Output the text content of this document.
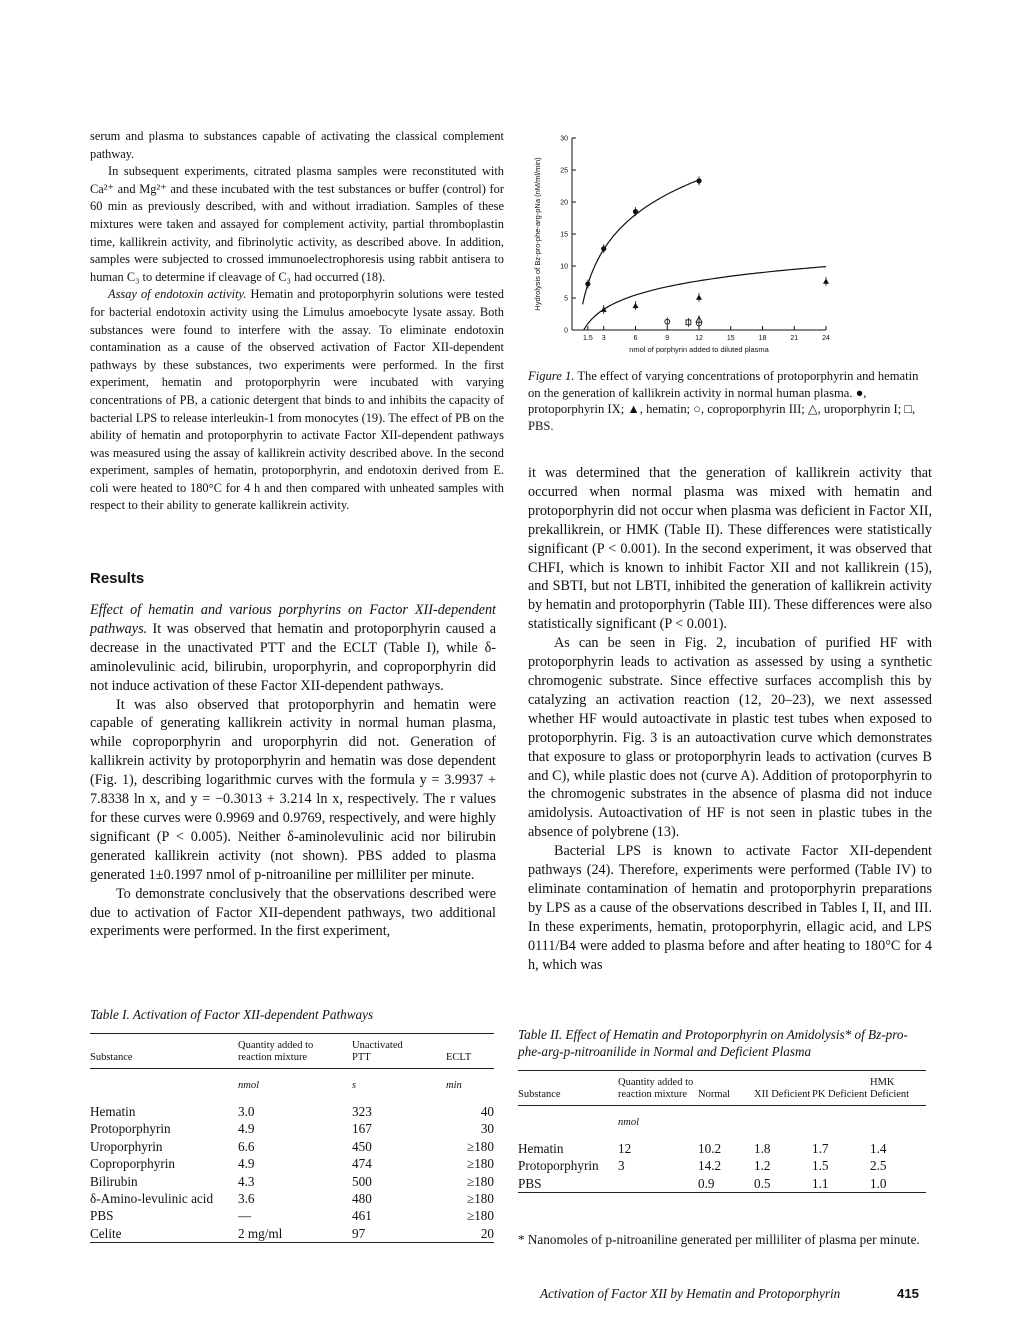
serum and plasma to substances capable of activating the classical complement pathway.

In subsequent experiments, citrated plasma samples were reconstituted with Ca²⁺ and Mg²⁺ and these incubated with the test substances or buffer (control) for 60 min as previously described, with and without irradiation. Samples of these mixtures were taken and assayed for complement activity, partial thromboplastin time, kallikrein activity, and fibrinolytic activity, as described above. In addition, samples were subjected to crossed immunoelectrophoresis using rabbit antisera to human C₃ to determine if cleavage of C₃ had occurred (18).

Assay of endotoxin activity. Hematin and protoporphyrin solutions were tested for bacterial endotoxin activity using the Limulus amoebocyte lysate assay. Both substances were found to interfere with the assay. To eliminate endotoxin contamination as a cause of the observed activation of Factor XII-dependent pathways by these substances, two experiments were performed. In the first experiment, hematin and protoporphyrin were incubated with varying concentrations of PB, a cationic detergent that binds to and inhibits the capacity of bacterial LPS to release interleukin-1 from monocytes (19). The effect of PB on the ability of hematin and protoporphyrin to activate Factor XII-dependent pathways was measured using the assay of kallikrein activity described above. In the second experiment, samples of hematin, protoporphyrin, and endotoxin derived from E. coli were heated to 180°C for 4 h and then compared with unheated samples with respect to their ability to generate kallikrein activity.

Results

Effect of hematin and various porphyrins on Factor XII-dependent pathways. It was observed that hematin and protoporphyrin caused a decrease in the unactivated PTT and the ECLT (Table I), while δ-aminolevulinic acid, bilirubin, uroporphyrin, and coproporphyrin did not induce activation of these Factor XII-dependent pathways.

It was also observed that protoporphyrin and hematin were capable of generating kallikrein activity in normal human plasma, while coproporphyrin and uroporphyrin did not. Generation of kallikrein activity by protoporphyrin and hematin was dose dependent (Fig. 1), describing logarithmic curves with the formula y = 3.9937 + 7.8338 ln x, and y = −0.3013 + 3.214 ln x, respectively. The r values for these curves were 0.9969 and 0.9769, respectively, and were highly significant (P < 0.005). Neither δ-aminolevulinic acid nor bilirubin generated kallikrein activity (not shown). PBS added to plasma generated 1±0.1997 nmol of p-nitroaniline per milliliter per minute.

To demonstrate conclusively that the observations described were due to activation of Factor XII-dependent pathways, two additional experiments were performed. In the first experiment,

Table I. Activation of Factor XII-dependent Pathways
Substance	Quantity added to reaction mixture	Unactivated PTT	ECLT
	nmol	s	min
Hematin	3.0	323	40
Protoporphyrin	4.9	167	30
Uroporphyrin	6.6	450	≥180
Coproporphyrin	4.9	474	≥180
Bilirubin	4.3	500	≥180
δ-Amino-levulinic acid	3.6	480	≥180
PBS	—	461	≥180
Celite	2 mg/ml	97	20
0
5
10
15
20
25
30
1.5 3	6	9	12	15	18	21	24
Hydrolysis of Bz-pro-phe-arg-pNa (nM/ml/min)
nmol of porphyrin added to diluted plasma
Figure 1. The effect of varying concentrations of protoporphyrin and hematin on the generation of kallikrein activity in normal human plasma. ●, protoporphyrin IX; ▲, hematin; ○, coproporphyrin III; △, uroporphyrin I; □, PBS.

it was determined that the generation of kallikrein activity that occurred when normal plasma was mixed with hematin and protoporphyrin did not occur when plasma was deficient in Factor XII, prekallikrein, or HMK (Table II). These differences were statistically significant (P < 0.001). In the second experiment, it was observed that CHFI, which is known to inhibit Factor XII and not kallikrein (15), and SBTI, but not LBTI, inhibited the generation of kallikrein activity by hematin and protoporphyrin (Table III). These differences were also statistically significant (P < 0.001).

As can be seen in Fig. 2, incubation of purified HF with protoporphyrin leads to activation as assessed by using a synthetic chromogenic substrate. Since effective surfaces accomplish this by catalyzing an activation reaction (12, 20–23), we next assessed whether HF would autoactivate in plastic test tubes when exposed to protoporphyrin. Fig. 3 is an autoactivation curve which demonstrates that exposure to glass or protoporphyrin leads to activation (curves B and C), while plastic does not (curve A). Addition of protoporphyrin to the chromogenic substrates in the absence of plasma did not induce amidolysis. Autoactivation of HF is not seen in plastic tubes in the absence of polybrene (13).

Bacterial LPS is known to activate Factor XII-dependent pathways (24). Therefore, experiments were performed (Table IV) to eliminate contamination of hematin and protoporphyrin preparations by LPS as a cause of the observations described in Tables I, II, and III. In these experiments, hematin, protoporphyrin, ellagic acid, and LPS 0111/B4 were added to plasma before and after heating to 180°C for 4 h, which was

Table II. Effect of Hematin and Protoporphyrin on Amidolysis* of Bz-pro-phe-arg-p-nitroanilide in Normal and Deficient Plasma
Substance	Quantity added to reaction mixture	Normal	XII Deficient	PK Deficient	HMK Deficient
	nmol				
Hematin	12	10.2	1.8	1.7	1.4
Protoporphyrin	3	14.2	1.2	1.5	2.5
PBS		0.9	0.5	1.1	1.0
* Nanomoles of p-nitroaniline generated per milliliter of plasma per minute.
Activation of Factor XII by Hematin and Protoporphyrin	415
